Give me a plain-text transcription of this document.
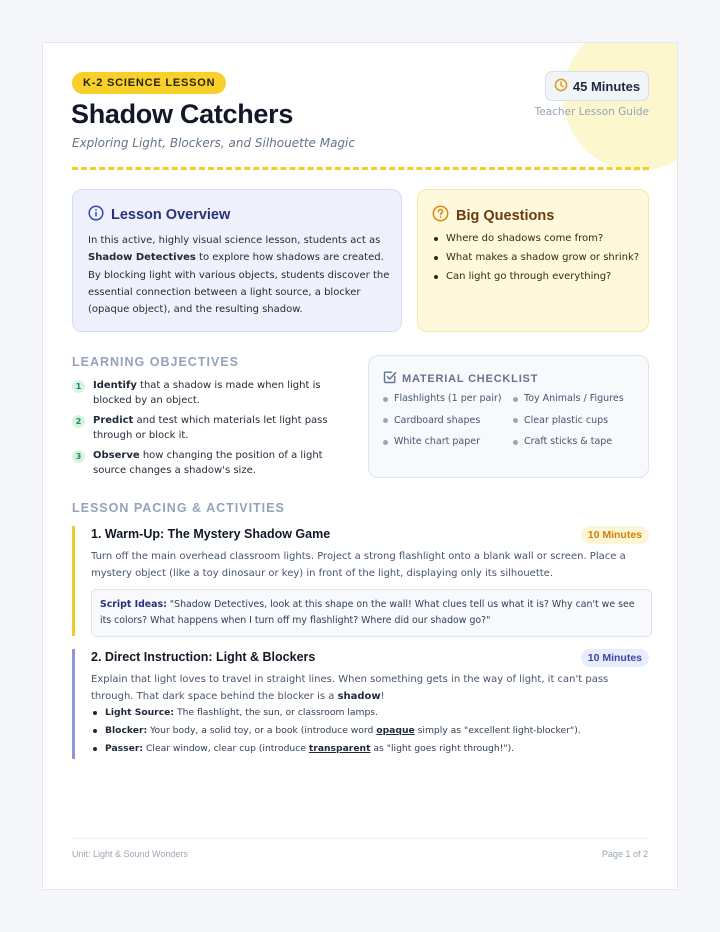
K-2 SCIENCE LESSON
Shadow Catchers
Exploring Light, Blockers, and Silhouette Magic
45 Minutes
Teacher Lesson Guide
Lesson Overview
In this active, highly visual science lesson, students act as Shadow Detectives to explore how shadows are created. By blocking light with various objects, students discover the essential connection between a light source, a blocker (opaque object), and the resulting shadow.
Big Questions
Where do shadows come from?
What makes a shadow grow or shrink?
Can light go through everything?
LEARNING OBJECTIVES
1	Identify that a shadow is made when light is blocked by an object.
2	Predict and test which materials let light pass through or block it.
3	Observe how changing the position of a light source changes a shadow's size.
MATERIAL CHECKLIST
Flashlights (1 per pair)	Toy Animals / Figures
Cardboard shapes	Clear plastic cups
White chart paper	Craft sticks & tape
LESSON PACING & ACTIVITIES
1. Warm-Up: The Mystery Shadow Game	10 Minutes
Turn off the main overhead classroom lights. Project a strong flashlight onto a blank wall or screen. Place a mystery object (like a toy dinosaur or key) in front of the light, displaying only its silhouette.
Script Ideas: "Shadow Detectives, look at this shape on the wall! What clues tell us what it is? Why can't we see its colors? What happens when I turn off my flashlight? Where did our shadow go?"
2. Direct Instruction: Light & Blockers	10 Minutes
Explain that light loves to travel in straight lines. When something gets in the way of light, it can't pass through. That dark space behind the blocker is a shadow!
Light Source: The flashlight, the sun, or classroom lamps.
Blocker: Your body, a solid toy, or a book (introduce word opaque simply as "excellent light-blocker").
Passer: Clear window, clear cup (introduce transparent as "light goes right through!").
Unit: Light & Sound Wonders	Page 1 of 2
